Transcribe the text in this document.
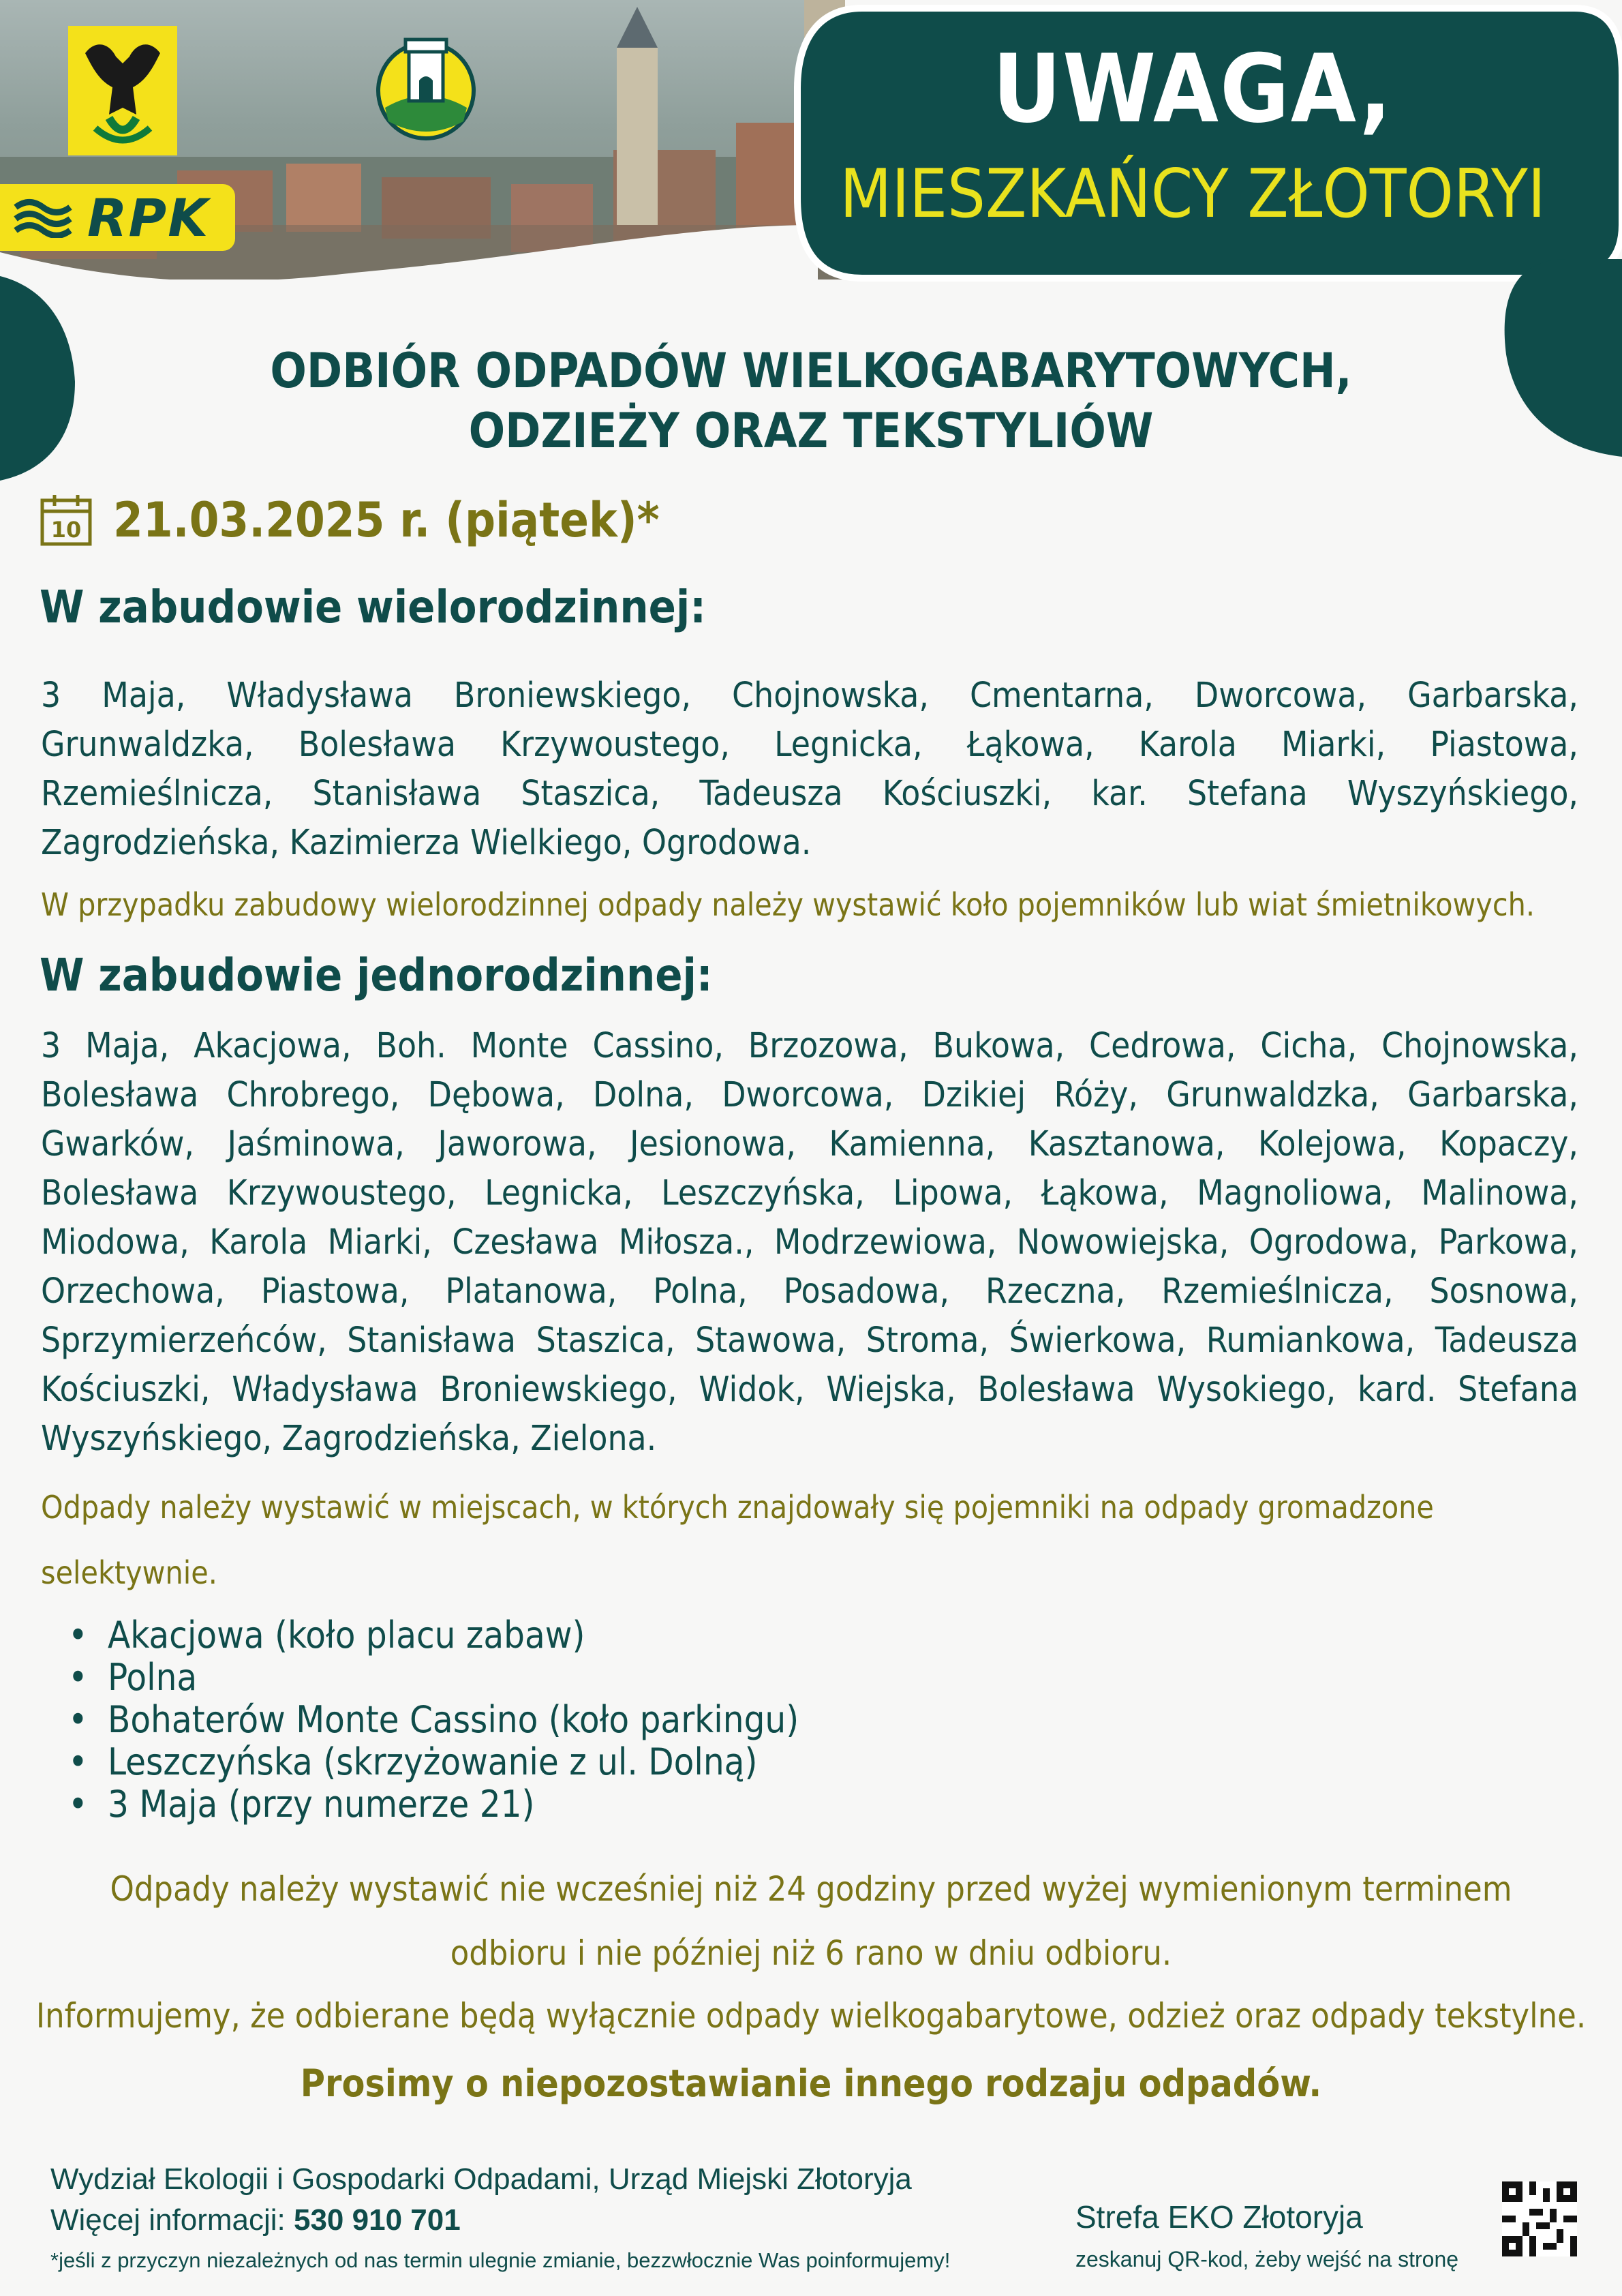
RPK
UWAGA,
MIESZKAŃCY ZŁOTORYI
ODBIÓR ODPADÓW WIELKOGABARYTOWYCH,
ODZIEŻY ORAZ TEKSTYLIÓW
10 21.03.2025 r. (piątek)*
W zabudowie wielorodzinnej:
3 Maja, Władysława Broniewskiego, Chojnowska, Cmentarna, Dworcowa, Garbarska, Grunwaldzka, Bolesława Krzywoustego, Legnicka, Łąkowa, Karola Miarki, Piastowa, Rzemieślnicza, Stanisława Staszica, Tadeusza Kościuszki, kar. Stefana Wyszyńskiego, Zagrodzieńska, Kazimierza Wielkiego, Ogrodowa.
W przypadku zabudowy wielorodzinnej odpady należy wystawić koło pojemników lub wiat śmietnikowych.
W zabudowie jednorodzinnej:
3 Maja, Akacjowa, Boh. Monte Cassino, Brzozowa, Bukowa, Cedrowa, Cicha, Chojnowska, Bolesława Chrobrego, Dębowa, Dolna, Dworcowa, Dzikiej Róży, Grunwaldzka, Garbarska, Gwarków, Jaśminowa, Jaworowa, Jesionowa, Kamienna, Kasztanowa, Kolejowa, Kopaczy, Bolesława Krzywoustego, Legnicka, Leszczyńska, Lipowa, Łąkowa, Magnoliowa, Malinowa, Miodowa, Karola Miarki, Czesława Miłosza., Modrzewiowa, Nowowiejska, Ogrodowa, Parkowa, Orzechowa, Piastowa, Platanowa, Polna, Posadowa, Rzeczna, Rzemieślnicza, Sosnowa, Sprzymierzeńców, Stanisława Staszica, Stawowa, Stroma, Świerkowa, Rumiankowa, Tadeusza Kościuszki, Władysława Broniewskiego, Widok, Wiejska, Bolesława Wysokiego, kard. Stefana Wyszyńskiego, Zagrodzieńska, Zielona.
Odpady należy wystawić w miejscach, w których znajdowały się pojemniki na odpady gromadzone
selektywnie.
• Akacjowa (koło placu zabaw)
• Polna
• Bohaterów Monte Cassino (koło parkingu)
• Leszczyńska (skrzyżowanie z ul. Dolną)
• 3 Maja (przy numerze 21)
Odpady należy wystawić nie wcześniej niż 24 godziny przed wyżej wymienionym terminem
odbioru i nie później niż 6 rano w dniu odbioru.
Informujemy, że odbierane będą wyłącznie odpady wielkogabarytowe, odzież oraz odpady tekstylne.
Prosimy o niepozostawianie innego rodzaju odpadów.
Wydział Ekologii i Gospodarki Odpadami, Urząd Miejski Złotoryja
Więcej informacji: 530 910 701
*jeśli z przyczyn niezależnych od nas termin ulegnie zmianie, bezzwłocznie Was poinformujemy!
Strefa EKO Złotoryja
zeskanuj QR-kod, żeby wejść na stronę
